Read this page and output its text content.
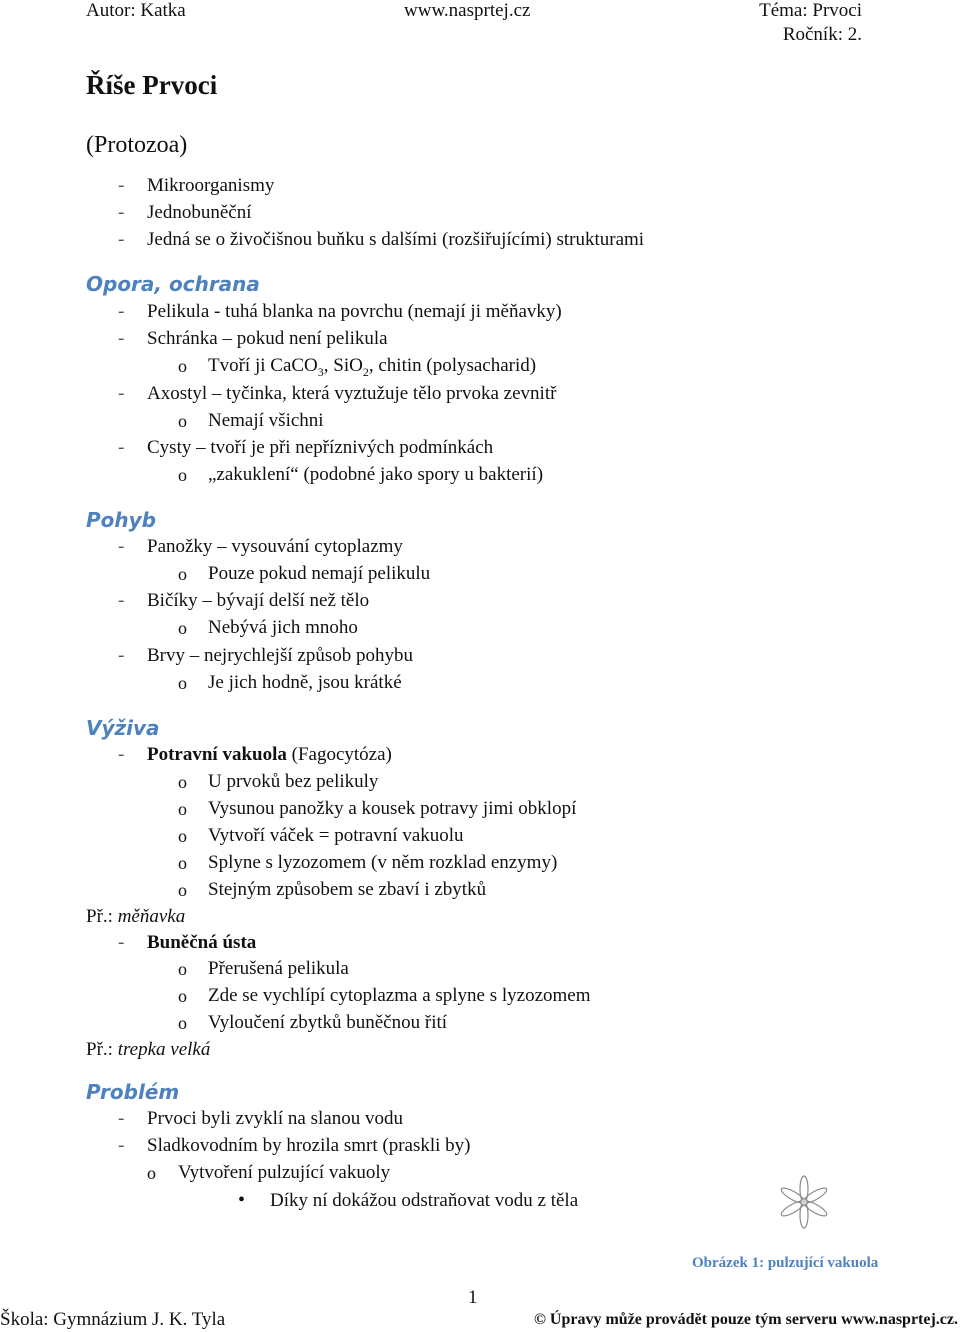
Autor: Katka	www.nasprtej.cz	Téma: Prvoci
Ročník: 2.
Říše Prvoci
(Protozoa)
- Mikroorganismy
- Jednobuněční
- Jedná se o živočišnou buňku s dalšími (rozšiřujícími) strukturami
Opora, ochrana
- Pelikula - tuhá blanka na povrchu (nemají ji měňavky)
- Schránka – pokud není pelikula
o Tvoří ji CaCO$_3$, SiO$_2$, chitin (polysacharid)
- Axostyl – tyčinka, která vyztužuje tělo prvoka zevnitř
o Nemají všichni
- Cysty – tvoří je při nepříznivých podmínkách
o „zakuklení“ (podobné jako spory u bakterií)
Pohyb
- Panožky – vysouvání cytoplazmy
o Pouze pokud nemají pelikulu
- Bičíky – bývají delší než tělo
o Nebývá jich mnoho
- Brvy – nejrychlejší způsob pohybu
o Je jich hodně, jsou krátké
Výživa
- Potravní vakuola (Fagocytóza)
o U prvoků bez pelikuly
o Vysunou panožky a kousek potravy jimi obklopí
o Vytvoří váček = potravní vakuolu
o Splyne s lyzozomem (v něm rozklad enzymy)
o Stejným způsobem se zbaví i zbytků
Př.: měňavka
- Buněčná ústa
o Přerušená pelikula
o Zde se vychlípí cytoplazma a splyne s lyzozomem
o Vyloučení zbytků buněčnou řití
Př.: trepka velká
Problém
- Prvoci byli zvyklí na slanou vodu
- Sladkovodním by hrozila smrt (praskli by)
o Vytvoření pulzující vakuoly
• Díky ní dokážou odstraňovat vodu z těla
Obrázek 1: pulzující vakuola
1
Škola: Gymnázium J. K. Tyla	© Úpravy může provádět pouze tým serveru www.nasprtej.cz.
